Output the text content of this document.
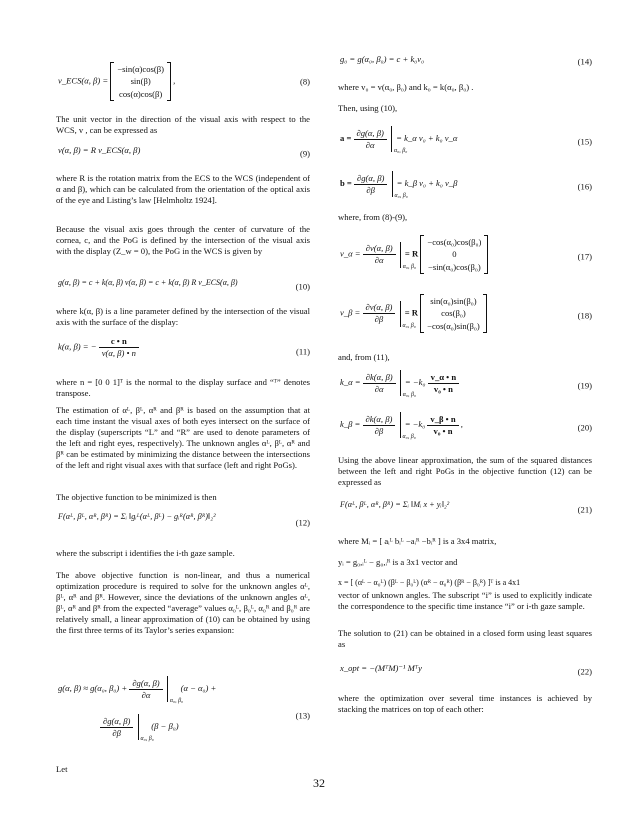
v_ECS(α, β) =
−sin(α)cos(β)
sin(β)
cos(α)cos(β)
,	(8)
The unit vector in the direction of the visual axis with respect to the WCS, v , can be expressed as
v(α, β) = R v_ECS(α, β)	(9)
where R is the rotation matrix from the ECS to the WCS (independent of α and β), which can be calculated from the orientation of the optical axis of the eye and Listing’s law [Helmholtz 1924].
Because the visual axis goes through the center of curvature of the cornea, c, and the PoG is defined by the intersection of the visual axis with the display (Z_w = 0), the PoG in the WCS is given by
g(α, β) = c + k(α, β) v(α, β) = c + k(α, β) R v_ECS(α, β)	(10)
where k(α, β) is a line parameter defined by the intersection of the visual axis with the surface of the display:
k(α, β) = − $\frac{c • n}{v(\alpha, \beta) • n}$	(11)
where n = [0 0 1]ᵀ is the normal to the display surface and “ᵀ” denotes transpose.
The estimation of αᴸ, βᴸ, αᴿ and βᴿ is based on the assumption that at each time instant the visual axes of both eyes intersect on the surface of the display (superscripts “L” and “R” are used to denote parameters of the left and right eyes, respectively). The unknown angles αᴸ, βᴸ, αᴿ and βᴿ can be estimated by minimizing the distance between the intersections of the left and right visual axes with that surface (left and right PoGs).
The objective function to be minimized is then
F(αᴸ, βᴸ, αᴿ, βᴿ) = Σᵢ ‖gᵢᴸ(αᴸ, βᴸ) − gᵢᴿ(αᴿ, βᴿ)‖₂²
(12)
where the subscript i identifies the i-th gaze sample.
The above objective function is non-linear, and thus a numerical optimization procedure is required to solve for the unknown angles αᴸ, βᴸ, αᴿ and βᴿ. However, since the deviations of the unknown angles αᴸ, βᴸ, αᴿ and βᴿ from the expected “average” values α₀ᴸ, β₀ᴸ, α₀ᴿ and β₀ᴿ are relatively small, a linear approximation of (10) can be obtained by using the first three terms of its Taylor’s series expansion:
g(α, β) ≈ g(α₀, $\beta_0) + \frac{\partial g(\alpha, \beta)}{\partial\alpha}$

α₀, β₀
(α − α₀) +
$\frac{\partial g(\alpha, \beta)}{\partial\beta}$

α₀, β₀
(β − β₀)
(13)
Let
g₀ = g(α₀, β₀) = c + k₀v₀	(14)
where v₀ = v(α₀, β₀) and k₀ = k(α₀, β₀) .
Then, using (10),
$a = \frac{\partial g(\alpha, \beta)}{\partial\alpha}$

α₀, β₀
= k_α v₀ + k₀ v_α	(15)
$b = \frac{\partial g(\alpha, \beta)}{\partial\beta}$

α₀, β₀
= k_β v₀ + k₀ v_β	(16)
where, from (8)-(9),
v_α = $\frac{\partial v(\alpha, \beta)}{\partial\alpha}$

α₀, β₀
= R
−cos(α₀)cos(β₀)
0
−sin(α₀)cos(β₀)
(17)
v_β = $\frac{\partial v(\alpha, \beta)}{\partial\beta}$

α₀, β₀
= R
sin(α₀)sin(β₀)
cos(β₀)
−cos(α₀)sin(β₀)
(18)
and, from (11),
k_α = $\frac{\partial k(\alpha, \beta)}{\partial\alpha}$

α₀, β₀
= $-k_0 \frac{v\_\alpha • n}{\text{v₀ • n}}$	(19)
k_β = $\frac{\partial k(\alpha, \beta)}{\partial\beta}$

α₀, β₀
= $-k_0 \frac{v\_\beta • n}{\text{v₀ • n}}$ ,	(20)
Using the above linear approximation, the sum of the squared distances between the left and right PoGs in the objective function (12) can be expressed as
F(αᴸ, βᴸ, αᴿ, βᴿ) = Σᵢ ‖Mᵢ x + yᵢ‖₂²	(21)
where Mᵢ = [ aᵢᴸ bᵢᴸ −aᵢᴿ −bᵢᴿ ] is a 3x4 matrix,
yᵢ = g₀,ᵢᴸ − g₀,ᵢᴿ is a 3x1 vector and
x = [ (αᴸ − α₀ᴸ) (βᴸ − β₀ᴸ) (αᴿ − α₀ᴿ) (βᴿ − β₀ᴿ) ]ᵀ is a 4x1
vector of unknown angles. The subscript “i” is used to explicitly indicate the correspondence to the specific time instance “i” or i-th gaze sample.
The solution to (21) can be obtained in a closed form using least squares as
x_opt = −(MᵀM)⁻¹ Mᵀy	(22)
where the optimization over several time instances is achieved by stacking the matrices on top of each other:
32
